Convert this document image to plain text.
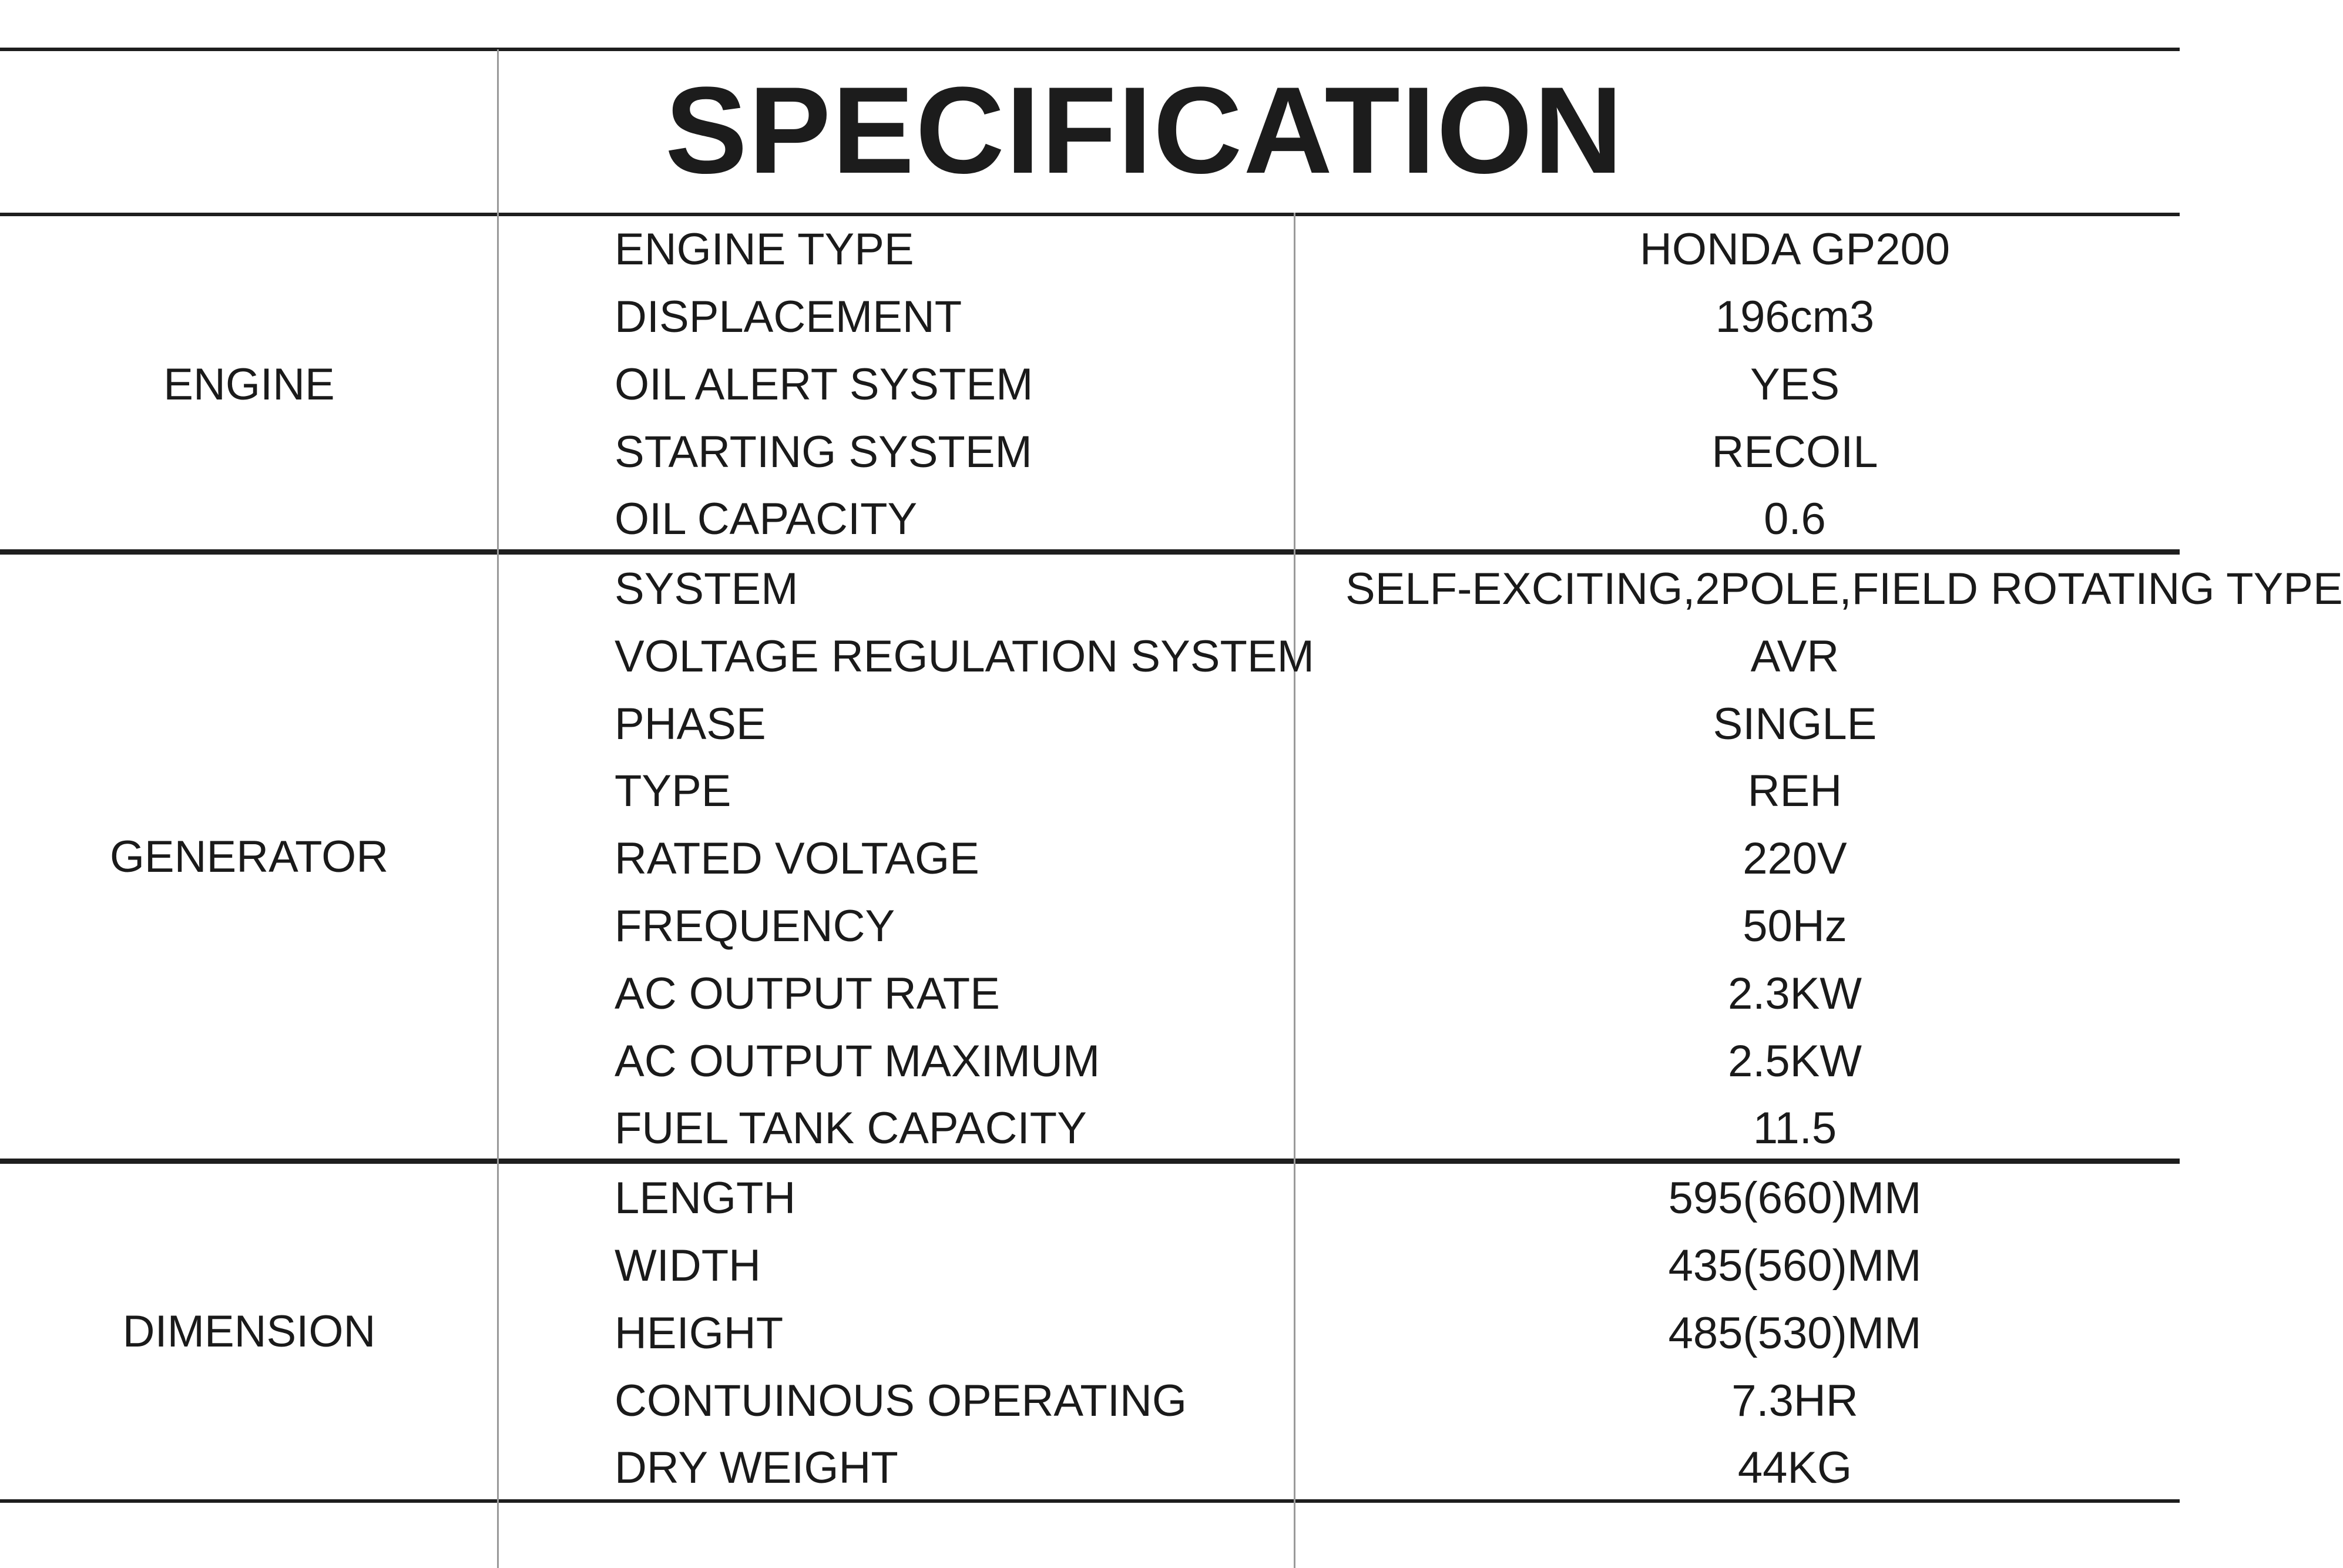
SPECIFICATION
ENGINE
ENGINE TYPE	HONDA GP200
DISPLACEMENT	196cm3
OIL ALERT SYSTEM	YES
STARTING SYSTEM	RECOIL
OIL CAPACITY	0.6
GENERATOR
SYSTEM	SELF-EXCITING,2POLE,FIELD ROTATING TYPE
VOLTAGE REGULATION SYSTEM	AVR
PHASE	SINGLE
TYPE	REH
RATED VOLTAGE	220V
FREQUENCY	50Hz
AC OUTPUT RATE	2.3KW
AC OUTPUT MAXIMUM	2.5KW
FUEL TANK CAPACITY	11.5
DIMENSION
LENGTH	595(660)MM
WIDTH	435(560)MM
HEIGHT	485(530)MM
CONTUINOUS OPERATING	7.3HR
DRY WEIGHT	44KG
